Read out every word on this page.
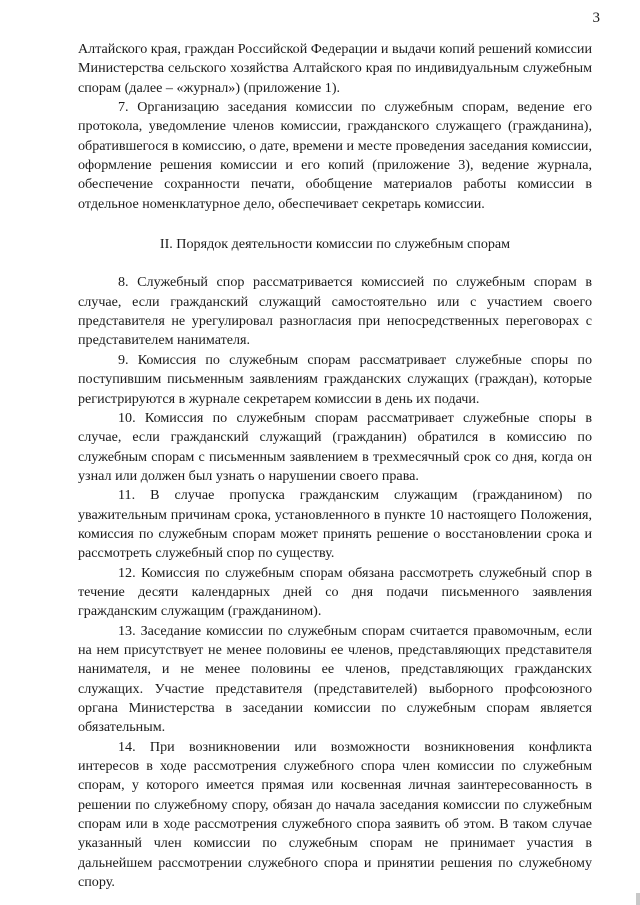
3

Алтайского края, граждан Российской Федерации и выдачи копий решений комиссии Министерства сельского хозяйства Алтайского края по индивидуальным служебным спорам (далее – «журнал») (приложение 1).

7. Организацию заседания комиссии по служебным спорам, ведение его протокола, уведомление членов комиссии, гражданского служащего (гражданина), обратившегося в комиссию, о дате, времени и месте проведения заседания комиссии, оформление решения комиссии и его копий (приложение 3), ведение журнала, обеспечение сохранности печати, обобщение материалов работы комиссии в отдельное номенклатурное дело, обеспечивает секретарь комиссии.

II. Порядок деятельности комиссии по служебным спорам

8. Служебный спор рассматривается комиссией по служебным спорам в случае, если гражданский служащий самостоятельно или с участием своего представителя не урегулировал разногласия при непосредственных переговорах с представителем нанимателя.

9. Комиссия по служебным спорам рассматривает служебные споры по поступившим письменным заявлениям гражданских служащих (граждан), которые регистрируются в журнале секретарем комиссии в день их подачи.

10. Комиссия по служебным спорам рассматривает служебные споры в случае, если гражданский служащий (гражданин) обратился в комиссию по служебным спорам с письменным заявлением в трехмесячный срок со дня, когда он узнал или должен был узнать о нарушении своего права.

11. В случае пропуска гражданским служащим (гражданином) по уважительным причинам срока, установленного в пункте 10 настоящего Положения, комиссия по служебным спорам может принять решение о восстановлении срока и рассмотреть служебный спор по существу.

12. Комиссия по служебным спорам обязана рассмотреть служебный спор в течение десяти календарных дней со дня подачи письменного заявления гражданским служащим (гражданином).

13. Заседание комиссии по служебным спорам считается правомочным, если на нем присутствует не менее половины ее членов, представляющих представителя нанимателя, и не менее половины ее членов, представляющих гражданских служащих. Участие представителя (представителей) выборного профсоюзного органа Министерства в заседании комиссии по служебным спорам является обязательным.

14. При возникновении или возможности возникновения конфликта интересов в ходе рассмотрения служебного спора член комиссии по служебным спорам, у которого имеется прямая или косвенная личная заинтересованность в решении по служебному спору, обязан до начала заседания комиссии по служебным спорам или в ходе рассмотрения служебного спора заявить об этом. В таком случае указанный член комиссии по служебным спорам не принимает участия в дальнейшем рассмотрении служебного спора и принятии решения по служебному спору.
